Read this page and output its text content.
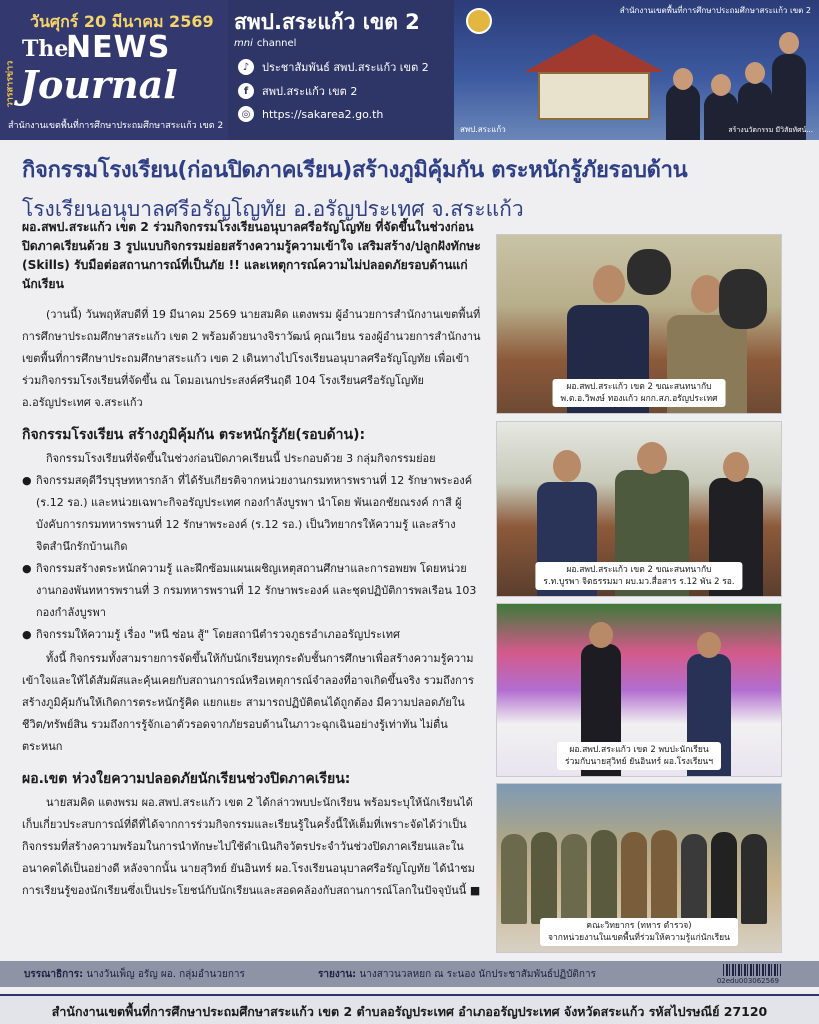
วันศุกร์ 20 มีนาคม 2569
วารสารข่าว
The
NEWS
Journal
สำนักงานเขตพื้นที่การศึกษาประถมศึกษาสระแก้ว เขต 2
สพป.สระแก้ว เขต 2
mni channel
♪	ประชาสัมพันธ์ สพป.สระแก้ว เขต 2
f	สพป.สระแก้ว เขต 2
◎	https://sakarea2.go.th
สำนักงานเขตพื้นที่การศึกษาประถมศึกษาสระแก้ว เขต 2
สพป.สระแก้ว	สร้างนวัตกรรม มีวิสัยทัศน์...
กิจกรรมโรงเรียน(ก่อนปิดภาคเรียน)สร้างภูมิคุ้มกัน ตระหนักรู้ภัยรอบด้าน
โรงเรียนอนุบาลศรีอรัญโญทัย อ.อรัญประเทศ จ.สระแก้ว
ผอ.สพป.สระแก้ว เขต 2 ร่วมกิจกรรมโรงเรียนอนุบาลศรีอรัญโญทัย ที่จัดขึ้นในช่วงก่อนปิดภาคเรียนด้วย 3 รูปแบบกิจกรรมย่อยสร้างความรู้ความเข้าใจ เสริมสร้าง/ปลูกฝังทักษะ (Skills) รับมือต่อสถานการณ์ที่เป็นภัย !! และเหตุการณ์ความไม่ปลอดภัยรอบด้านแก่นักเรียน

(วานนี้) วันพฤหัสบดีที่ 19 มีนาคม 2569 นายสมคิด แตงพรม ผู้อำนวยการสำนักงานเขตพื้นที่การศึกษาประถมศึกษาสระแก้ว เขต 2 พร้อมด้วยนางจิราวัฒน์ คุณเวียน รองผู้อำนวยการสำนักงานเขตพื้นที่การศึกษาประถมศึกษาสระแก้ว เขต 2 เดินทางไปโรงเรียนอนุบาลศรีอรัญโญทัย เพื่อเข้าร่วมกิจกรรมโรงเรียนที่จัดขึ้น ณ โดมอเนกประสงค์ศรีนฤดี 104 โรงเรียนศรีอรัญโญทัย อ.อรัญประเทศ จ.สระแก้ว

กิจกรรมโรงเรียน สร้างภูมิคุ้มกัน ตระหนักรู้ภัย(รอบด้าน):

กิจกรรมโรงเรียนที่จัดขึ้นในช่วงก่อนปิดภาคเรียนนี้ ประกอบด้วย 3 กลุ่มกิจกรรมย่อย

● กิจกรรมสดุดีวีรบุรุษทหารกล้า ที่ได้รับเกียรติจากหน่วยงานกรมทหารพรานที่ 12 รักษาพระองค์ (ร.12 รอ.) และหน่วยเฉพาะกิจอรัญประเทศ กองกำลังบูรพา นำโดย พันเอกชัยณรงค์ กาสี ผู้บังคับการกรมทหารพรานที่ 12 รักษาพระองค์ (ร.12 รอ.) เป็นวิทยากรให้ความรู้ และสร้างจิตสำนึกรักบ้านเกิด
● กิจกรรมสร้างตระหนักความรู้ และฝึกซ้อมแผนเผชิญเหตุสถานศึกษาและการอพยพ โดยหน่วยงานกองพันทหารพรานที่ 3 กรมทหารพรานที่ 12 รักษาพระองค์ และชุดปฏิบัติการพลเรือน 103 กองกำลังบูรพา
● กิจกรรมให้ความรู้ เรื่อง "หนี ซ่อน สู้" โดยสถานีตำรวจภูธรอำเภออรัญประเทศ

ทั้งนี้ กิจกรรมทั้งสามรายการจัดขึ้นให้กับนักเรียนทุกระดับชั้นการศึกษาเพื่อสร้างความรู้ความเข้าใจและให้ได้สัมผัสและคุ้นเคยกับสถานการณ์หรือเหตุการณ์จำลองที่อาจเกิดขึ้นจริง รวมถึงการสร้างภูมิคุ้มกันให้เกิดการตระหนักรู้คิด แยกแยะ สามารถปฏิบัติตนได้ถูกต้อง มีความปลอดภัยในชีวิต/ทรัพย์สิน รวมถึงการรู้จักเอาตัวรอดจากภัยรอบด้านในภาวะฉุกเฉินอย่างรู้เท่าทัน ไม่ตื่นตระหนก

ผอ.เขต ห่วงใยความปลอดภัยนักเรียนช่วงปิดภาคเรียน:

นายสมคิด แตงพรม ผอ.สพป.สระแก้ว เขต 2 ได้กล่าวพบปะนักเรียน พร้อมระบุให้นักเรียนได้เก็บเกี่ยวประสบการณ์ที่ดีที่ได้จากการร่วมกิจกรรมและเรียนรู้ในครั้งนี้ให้เต็มที่เพราะจัดได้ว่าเป็นกิจกรรมที่สร้างความพร้อมในการนำทักษะไปใช้ดำเนินกิจวัตรประจำวันช่วงปิดภาคเรียนและในอนาคตได้เป็นอย่างดี หลังจากนั้น นายสุวิทย์ ยันอินทร์ ผอ.โรงเรียนอนุบาลศรีอรัญโญทัย ได้นำชมการเรียนรู้ของนักเรียนซึ่งเป็นประโยชน์กับนักเรียนและสอดคล้องกับสถานการณ์โลกในปัจจุบันนี้ ■

ผอ.สพป.สระแก้ว เขต 2 ขณะสนทนากับ
พ.ต.อ.วิพงษ์ ทองแก้ว ผกก.สภ.อรัญประเทศ
ผอ.สพป.สระแก้ว เขต 2 ขณะสนทนากับ
ร.ท.บูรพา จิตธรรมมา ผบ.มว.สื่อสาร ร.12 พัน 2 รอ.
ผอ.สพป.สระแก้ว เขต 2 พบปะนักเรียน
ร่วมกับนายสุวิทย์ ยันอินทร์ ผอ.โรงเรียนฯ
คณะวิทยากร (ทหาร ตำรวจ)
จากหน่วยงานในเขตพื้นที่ร่วมให้ความรู้แก่นักเรียน
บรรณาธิการ: นางวันเพ็ญ อรัญ ผอ. กลุ่มอำนวยการ	รายงาน: นางสาวนวลหยก ณ ระนอง นักประชาสัมพันธ์ปฏิบัติการ
02edu003062569
สำนักงานเขตพื้นที่การศึกษาประถมศึกษาสระแก้ว เขต 2 ตำบลอรัญประเทศ อำเภออรัญประเทศ จังหวัดสระแก้ว รหัสไปรษณีย์ 27120
